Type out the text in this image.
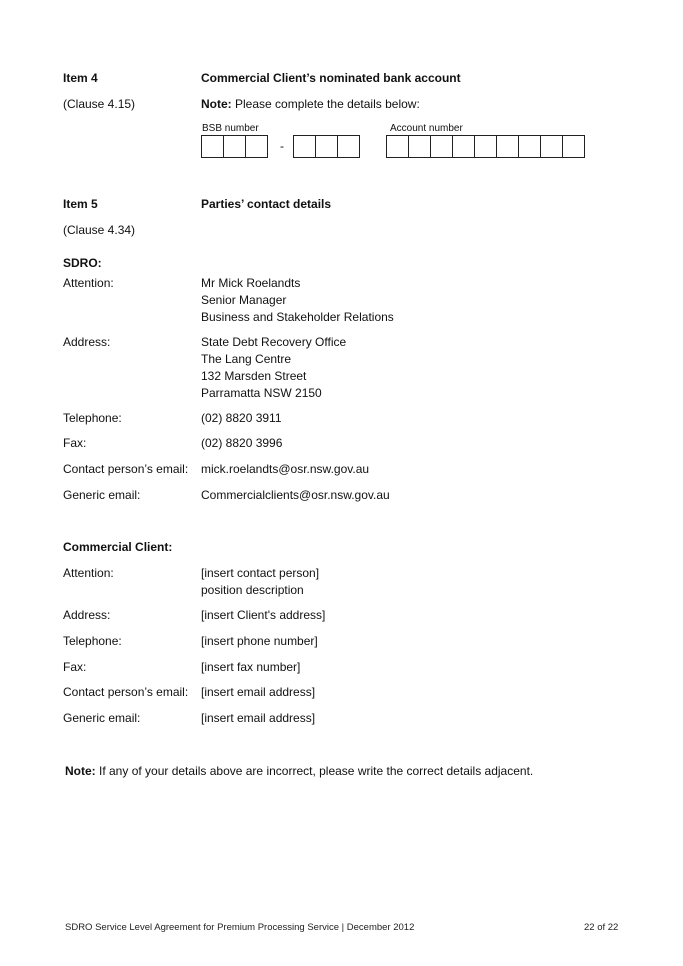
Item 4	Commercial Client’s nominated bank account
(Clause 4.15)	Note: Please complete the details below:
BSB number
-
Account number
Item 5	Parties’ contact details
(Clause 4.34)
SDRO:
Attention:	Mr Mick Roelandts
Senior Manager
Business and Stakeholder Relations
Address:	State Debt Recovery Office
The Lang Centre
132 Marsden Street
Parramatta NSW 2150
Telephone:	(02) 8820 3911
Fax:	(02) 8820 3996
Contact person’s email: mick.roelandts@osr.nsw.gov.au
Generic email:	Commercialclients@osr.nsw.gov.au
Commercial Client:
Attention:	[insert contact person]
position description
Address:	[insert Client's address]
Telephone:	[insert phone number]
Fax:	[insert fax number]
Contact person’s email: [insert email address]
Generic email:	[insert email address]
Note: If any of your details above are incorrect, please write the correct details adjacent.
SDRO Service Level Agreement for Premium Processing Service | December 2012	22 of 22
